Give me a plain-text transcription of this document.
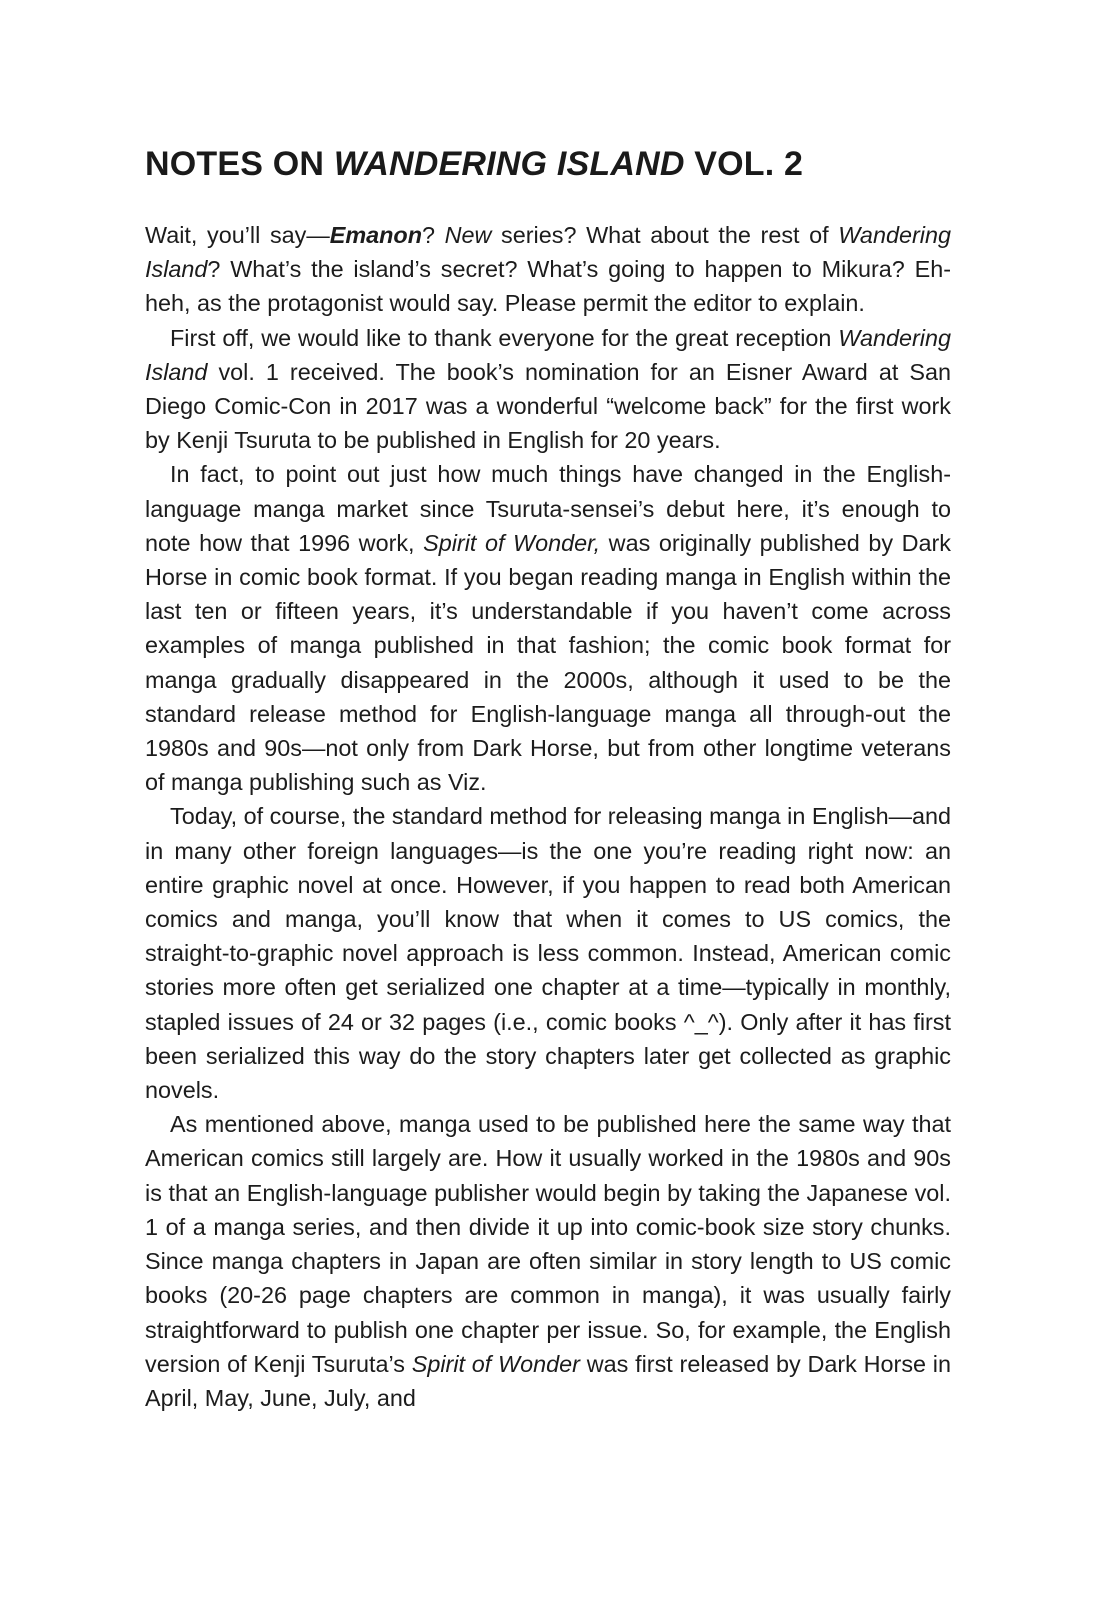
NOTES ON WANDERING ISLAND VOL. 2

Wait, you’ll say—Emanon? New series? What about the rest of Wandering Island? What’s the island’s secret? What’s going to happen to Mikura? Eh-heh, as the protagonist would say. Please permit the editor to explain.

First off, we would like to thank everyone for the great reception Wandering Island vol. 1 received. The book’s nomination for an Eisner Award at San Diego Comic-Con in 2017 was a wonderful “welcome back” for the first work by Kenji Tsuruta to be published in English for 20 years.

In fact, to point out just how much things have changed in the English-language manga market since Tsuruta-sensei’s debut here, it’s enough to note how that 1996 work, Spirit of Wonder, was originally published by Dark Horse in comic book format. If you began reading manga in English within the last ten or fifteen years, it’s understandable if you haven’t come across examples of manga published in that fashion; the comic book format for manga gradually disappeared in the 2000s, although it used to be the standard release method for English-language manga all through-out the 1980s and 90s—not only from Dark Horse, but from other longtime veterans of manga publishing such as Viz.

Today, of course, the standard method for releasing manga in English—and in many other foreign languages—is the one you’re reading right now: an entire graphic novel at once. However, if you happen to read both American comics and manga, you’ll know that when it comes to US comics, the straight-to-graphic novel approach is less common. Instead, American comic stories more often get serialized one chapter at a time—typically in monthly, stapled issues of 24 or 32 pages (i.e., comic books ^_^). Only after it has first been serialized this way do the story chapters later get collected as graphic novels.

As mentioned above, manga used to be published here the same way that American comics still largely are. How it usually worked in the 1980s and 90s is that an English-language publisher would begin by taking the Japanese vol. 1 of a manga series, and then divide it up into comic-book size story chunks. Since manga chapters in Japan are often similar in story length to US comic books (20-26 page chapters are common in manga), it was usually fairly straightforward to publish one chapter per issue. So, for example, the English version of Kenji Tsuruta’s Spirit of Wonder was first released by Dark Horse in April, May, June, July, and
